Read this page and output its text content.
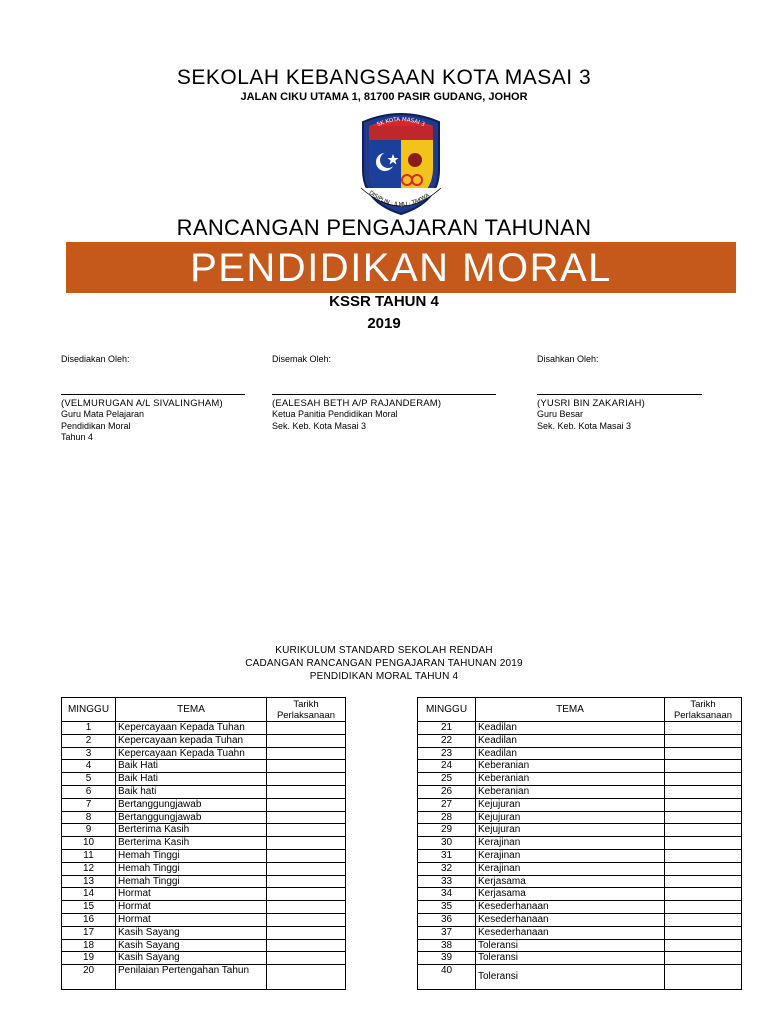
SEKOLAH KEBANGSAAN KOTA MASAI 3
JALAN CIKU UTAMA 1, 81700 PASIR GUDANG, JOHOR
SK KOTA MASAI 3
DISIPLIN · ILMU · TAKWA
RANCANGAN PENGAJARAN TAHUNAN
PENDIDIKAN MORAL
KSSR TAHUN 4
2019
Disediakan Oleh:
(VELMURUGAN A/L SIVALINGHAM)
Guru Mata Pelajaran
Pendidikan Moral
Tahun 4
Disemak Oleh:
(EALESAH BETH A/P RAJANDERAM)
Ketua Panitia Pendidikan Moral
Sek. Keb. Kota Masai 3
Disahkan Oleh:
(YUSRI BIN ZAKARIAH)
Guru Besar
Sek. Keb. Kota Masai 3
KURIKULUM STANDARD SEKOLAH RENDAH
CADANGAN RANCANGAN PENGAJARAN TAHUNAN 2019
PENDIDIKAN MORAL TAHUN 4
MINGGU	TEMA	Tarikh Perlaksanaan		MINGGU	TEMA	Tarikh Perlaksanaan
1	Kepercayaan Kepada Tuhan			21	Keadilan	
2	Kepercayaan kepada Tuhan			22	Keadilan	
3	Kepercayaan Kepada Tuahn			23	Keadilan	
4	Baik Hati			24	Keberanian	
5	Baik Hati			25	Keberanian	
6	Baik hati			26	Keberanian	
7	Bertanggungjawab			27	Kejujuran	
8	Bertanggungjawab			28	Kejujuran	
9	Berterima Kasih			29	Kejujuran	
10	Berterima Kasih			30	Kerajinan	
11	Hemah Tinggi			31	Kerajinan	
12	Hemah Tinggi			32	Kerajinan	
13	Hemah Tinggi			33	Kerjasama	
14	Hormat			34	Kerjasama	
15	Hormat			35	Kesederhanaan	
16	Hormat			36	Kesederhanaan	
17	Kasih Sayang			37	Kesederhanaan	
18	Kasih Sayang			38	Toleransi	
19	Kasih Sayang			39	Toleransi	
20	Penilaian Pertengahan Tahun			40	Toleransi	
